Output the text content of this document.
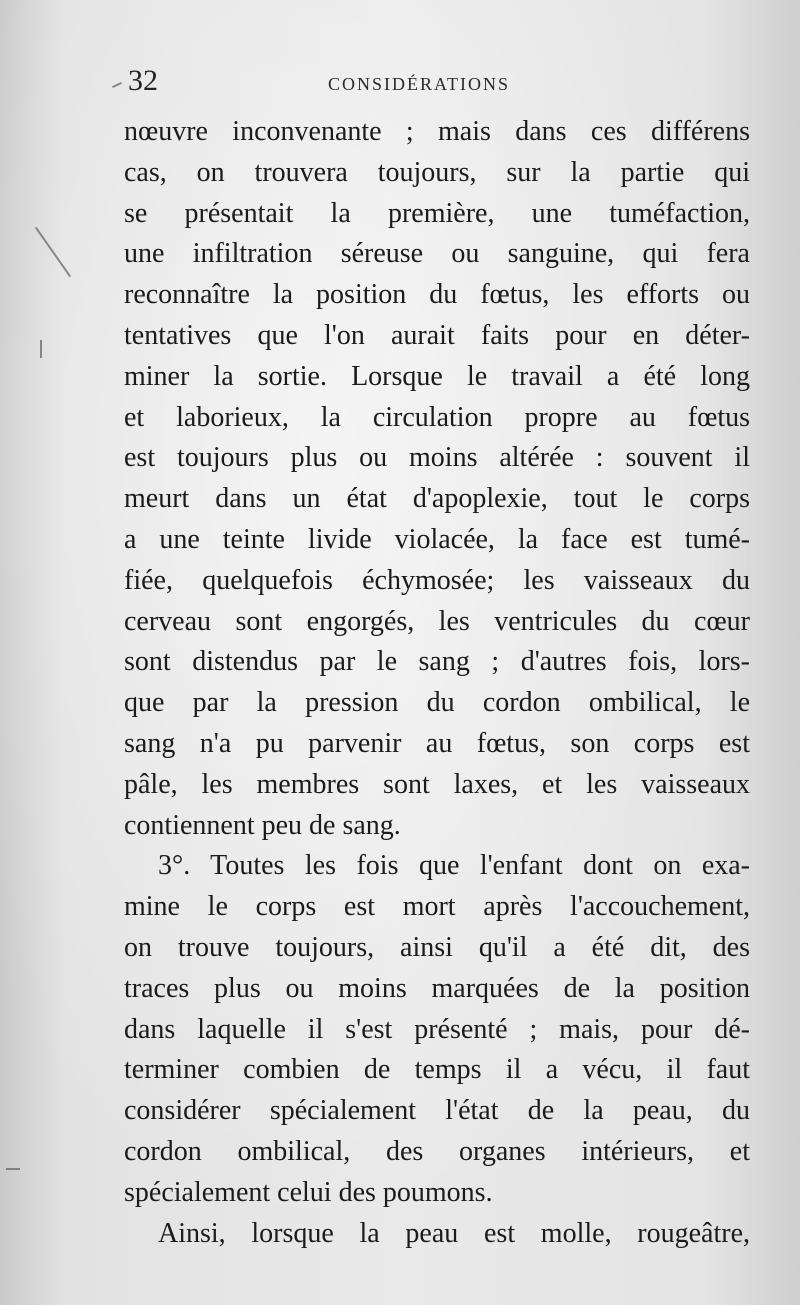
32	CONSIDÉRATIONS
nœuvre inconvenante ; mais dans ces différens
cas, on trouvera toujours, sur la partie qui
se présentait la première, une tuméfaction,
une infiltration séreuse ou sanguine, qui fera
reconnaître la position du fœtus, les efforts ou
tentatives que l'on aurait faits pour en déter-
miner la sortie. Lorsque le travail a été long
et laborieux, la circulation propre au fœtus
est toujours plus ou moins altérée : souvent il
meurt dans un état d'apoplexie, tout le corps
a une teinte livide violacée, la face est tumé-
fiée, quelquefois échymosée; les vaisseaux du
cerveau sont engorgés, les ventricules du cœur
sont distendus par le sang ; d'autres fois, lors-
que par la pression du cordon ombilical, le
sang n'a pu parvenir au fœtus, son corps est
pâle, les membres sont laxes, et les vaisseaux
contiennent peu de sang.
3°. Toutes les fois que l'enfant dont on exa-
mine le corps est mort après l'accouchement,
on trouve toujours, ainsi qu'il a été dit, des
traces plus ou moins marquées de la position
dans laquelle il s'est présenté ; mais, pour dé-
terminer combien de temps il a vécu, il faut
considérer spécialement l'état de la peau, du
cordon ombilical, des organes intérieurs, et
spécialement celui des poumons.
Ainsi, lorsque la peau est molle, rougeâtre,
